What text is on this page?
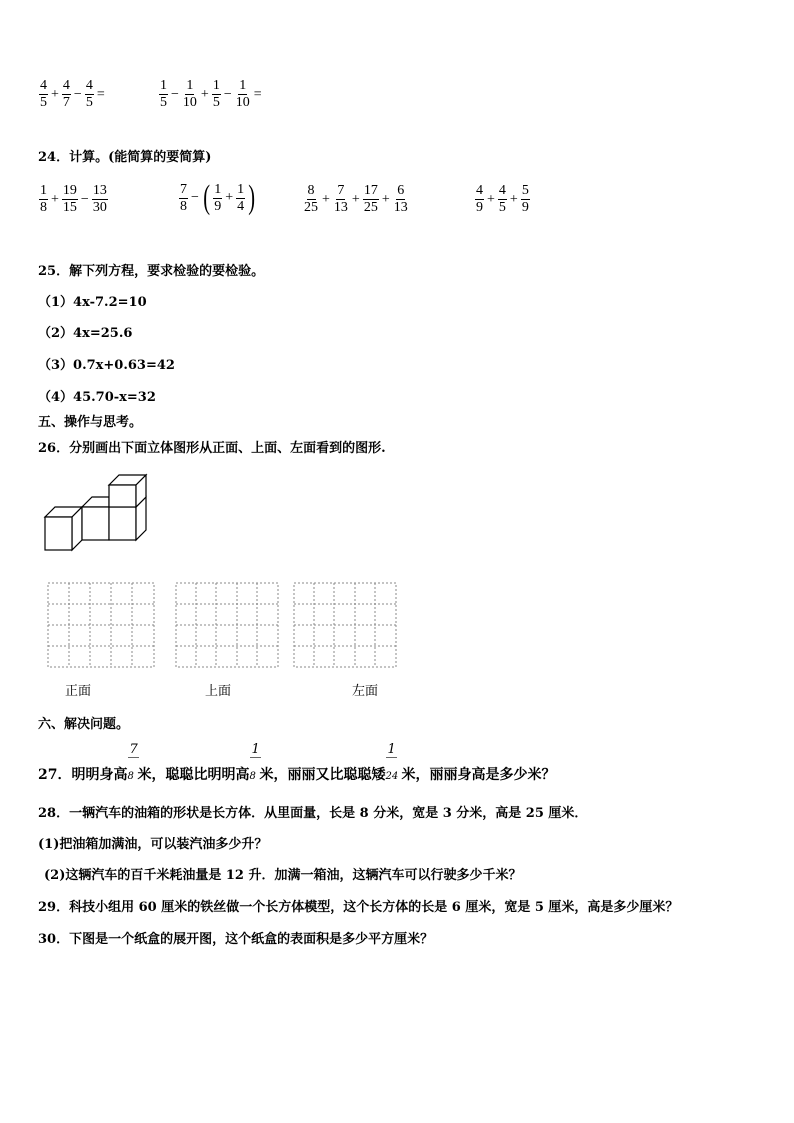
$\frac{4}{5} + \frac{4}{7} - \frac{4}{5}$ =	$\frac{1}{5} - \frac{1}{10} + \frac{1}{5} - \frac{1}{10}$ =
24．计算。(能简算的要简算)
$\frac{1}{8} + \frac{19}{15} - \frac{13}{30}$	$\frac{7}{8}$ − ( $\frac{1}{9} + \frac{1}{4}$ )	$\frac{8}{25} + \frac{7}{13} + \frac{17}{25} + \frac{6}{13}$	$\frac{4}{9} + \frac{4}{5} + \frac{5}{9}$
25．解下列方程，要求检验的要检验。
（1）4x-7.2=10
（2）4x=25.6
（3）0.7x+0.63=42
（4）45.70-x=32
五、操作与思考。
26．分别画出下面立体图形从正面、上面、左面看到的图形.
正面	上面	左面
六、解决问题。
27．明明身高
7
8 米，聪聪比明明高
1
8 米，丽丽又比聪聪矮
1
24 米，丽丽身高是多少米？
28．一辆汽车的油箱的形状是长方体．从里面量，长是 8 分米，宽是 3 分米，高是 25 厘米．
(1)把油箱加满油，可以装汽油多少升？
(2)这辆汽车的百千米耗油量是 12 升．加满一箱油，这辆汽车可以行驶多少千米？
29．科技小组用 60 厘米的铁丝做一个长方体模型，这个长方体的长是 6 厘米，宽是 5 厘米，高是多少厘米？
30．下图是一个纸盒的展开图，这个纸盒的表面积是多少平方厘米？
